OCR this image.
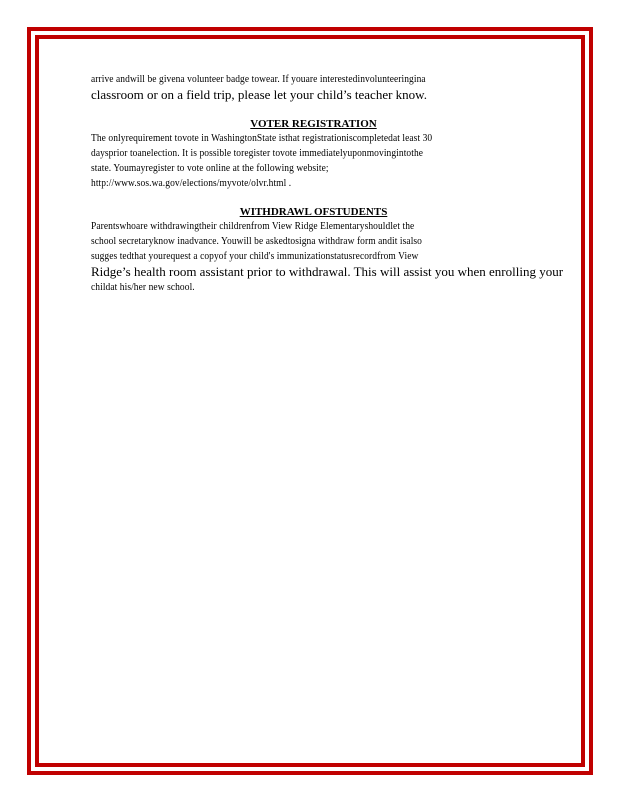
arrive andwill be givena volunteer badge towear. If youare interestedinvolunteeringina
classroom or on a field trip, please let your child’s teacher know.
VOTER REGISTRATION
The onlyrequirement tovote in WashingtonState isthat registrationiscompletedat least 30
daysprior toanelection. It is possible toregister tovote immediatelyuponmovingintothe
state. Youmayregister to vote online at the following website;
http://www.sos.wa.gov/elections/myvote/olvr.html .
WITHDRAWL OFSTUDENTS
Parentswhoare withdrawingtheir childrenfrom View Ridge Elementaryshouldlet the
school secretaryknow inadvance. Youwill be askedtosigna withdraw form andit isalso
sugges tedthat yourequest a copyof your child's immunizationstatusrecordfrom View
Ridge’s health room assistant prior to withdrawal. This will assist you when enrolling your
childat his/her new school.
